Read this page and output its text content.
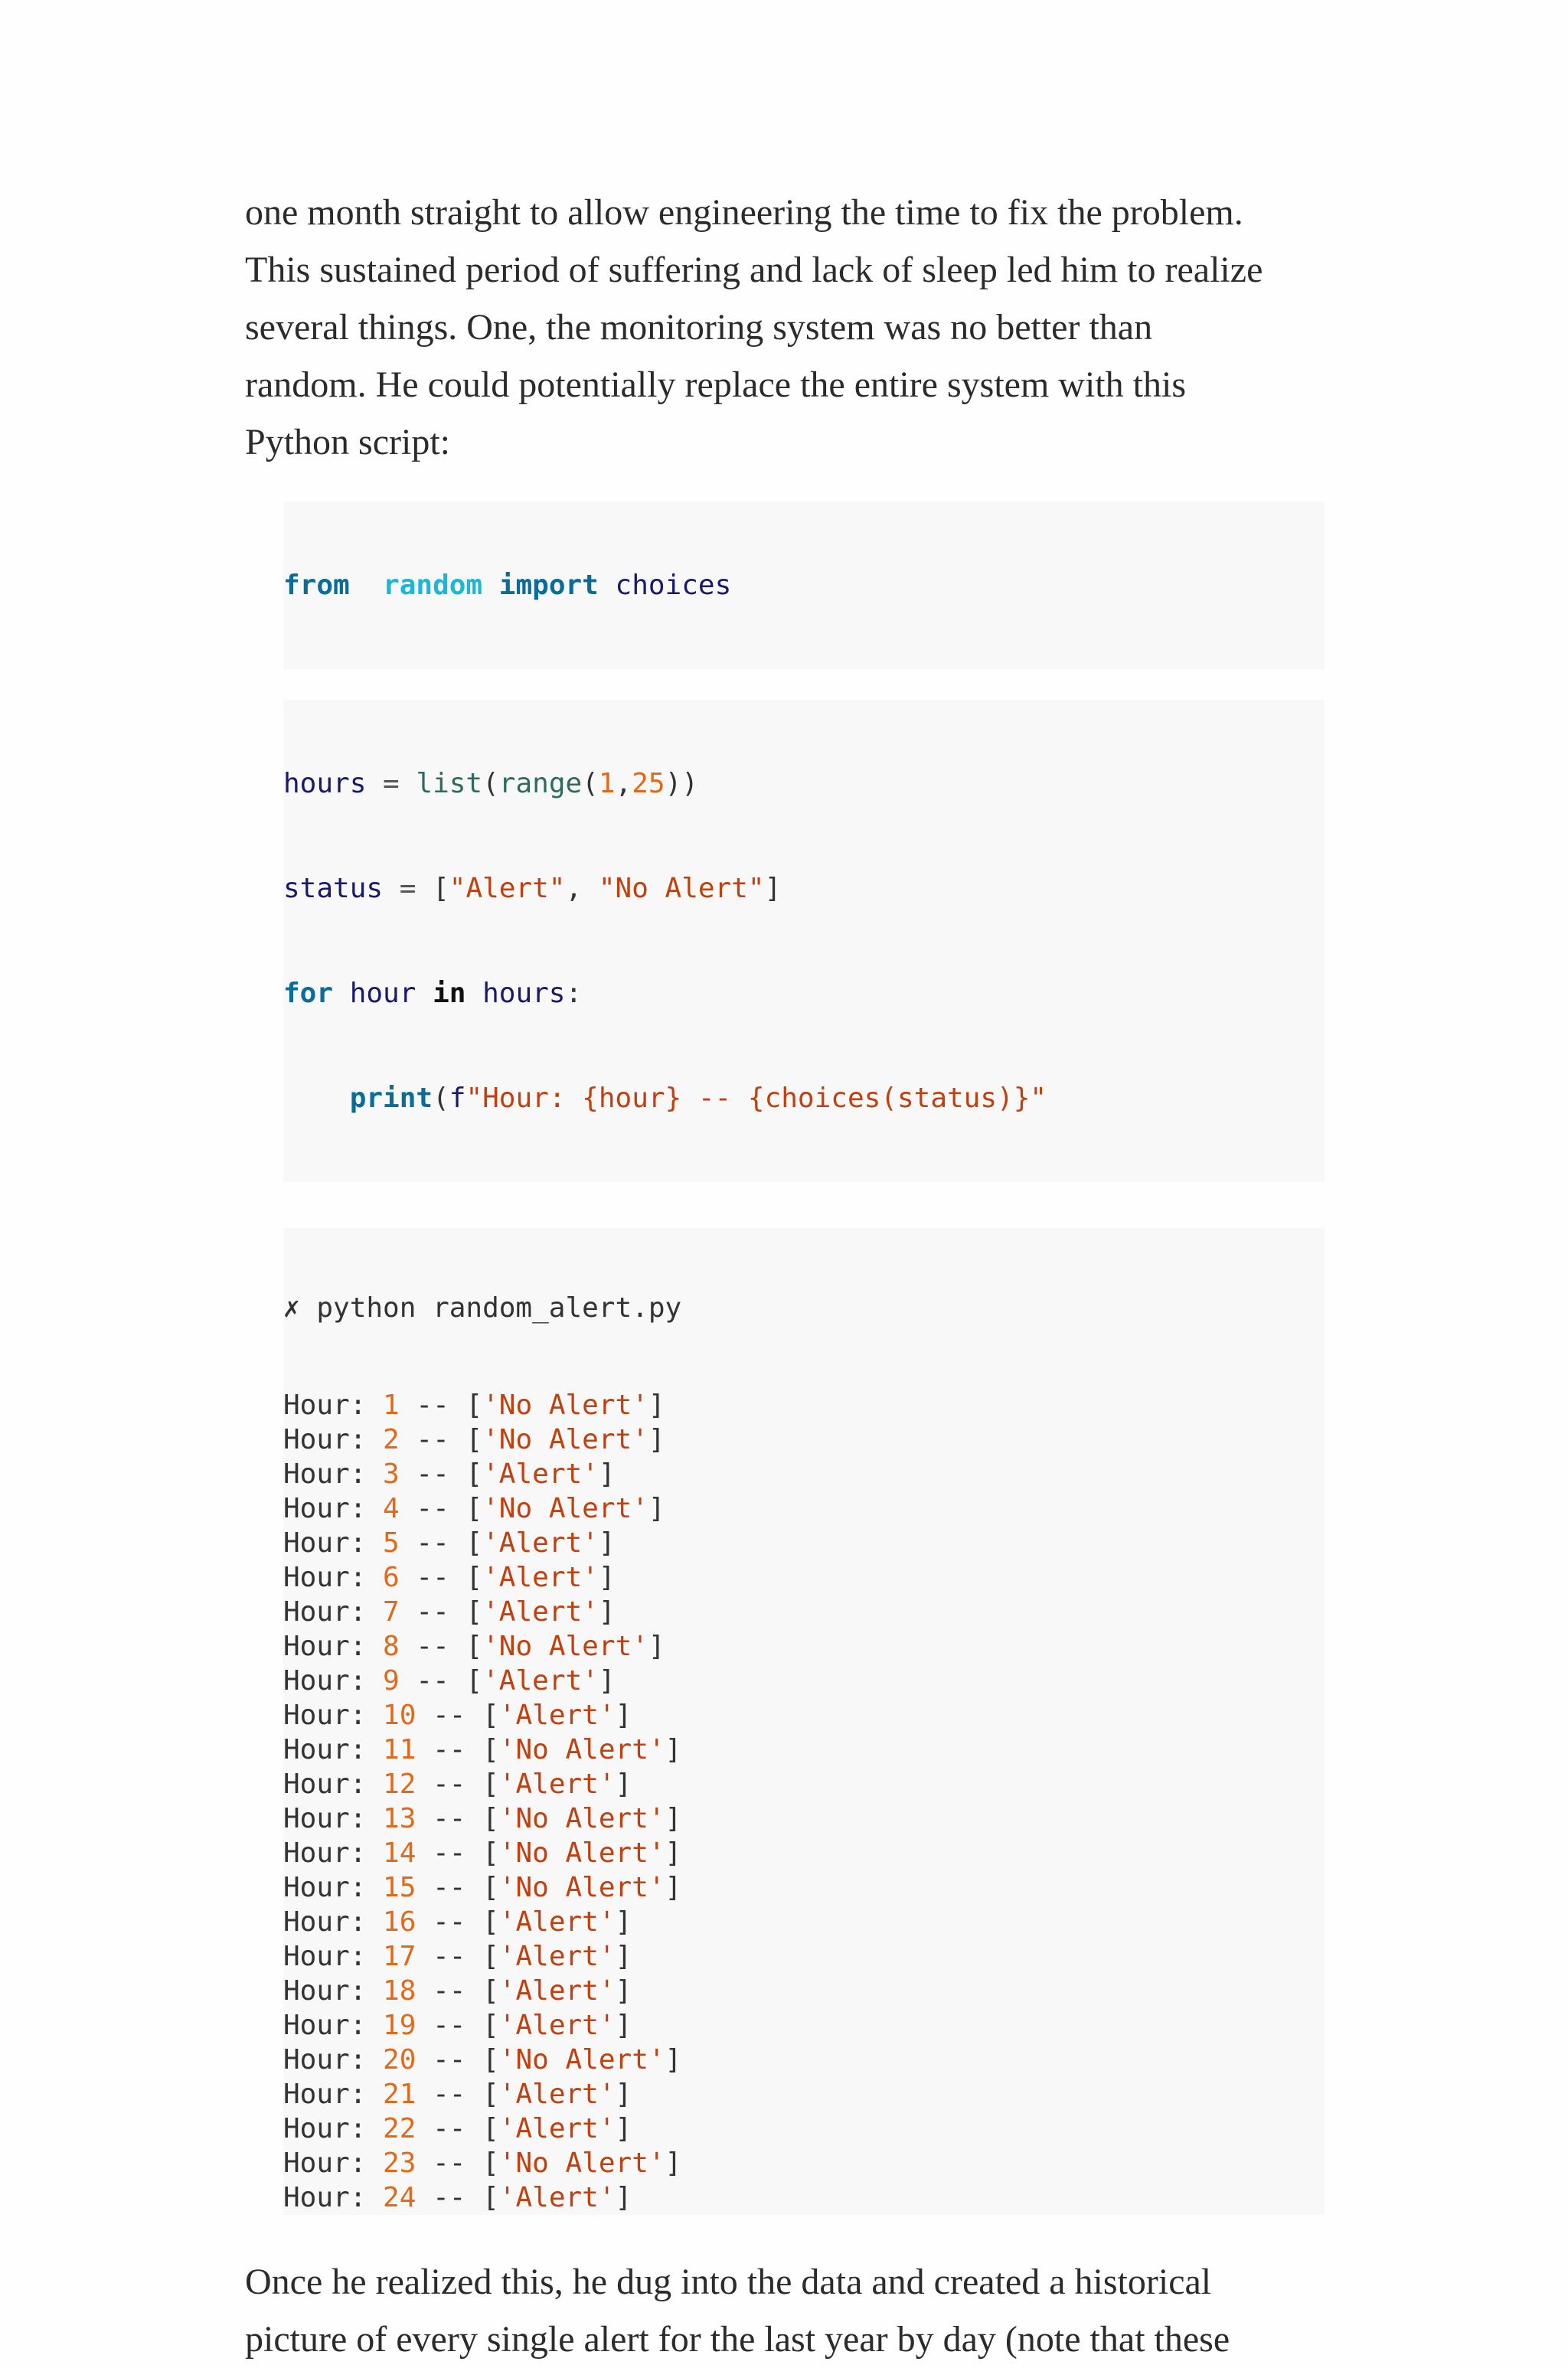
one month straight to allow engineering the time to fix the problem.
This sustained period of suffering and lack of sleep led him to realize
several things. One, the monitoring system was no better than
random. He could potentially replace the entire system with this
Python script:

from random import choices

hours = list(range(1,25))

status = ["Alert", "No Alert"]

for hour in hours:

print(f"Hour: {hour} -- {choices(status)}"

✗ python random_alert.py

Hour: 1 -- ['No Alert']
Hour: 2 -- ['No Alert']
Hour: 3 -- ['Alert']
Hour: 4 -- ['No Alert']
Hour: 5 -- ['Alert']
Hour: 6 -- ['Alert']
Hour: 7 -- ['Alert']
Hour: 8 -- ['No Alert']
Hour: 9 -- ['Alert']
Hour: 10 -- ['Alert']
Hour: 11 -- ['No Alert']
Hour: 12 -- ['Alert']
Hour: 13 -- ['No Alert']
Hour: 14 -- ['No Alert']
Hour: 15 -- ['No Alert']
Hour: 16 -- ['Alert']
Hour: 17 -- ['Alert']
Hour: 18 -- ['Alert']
Hour: 19 -- ['Alert']
Hour: 20 -- ['No Alert']
Hour: 21 -- ['Alert']
Hour: 22 -- ['Alert']
Hour: 23 -- ['No Alert']
Hour: 24 -- ['Alert']

Once he realized this, he dug into the data and created a historical
picture of every single alert for the last year by day (note that these
